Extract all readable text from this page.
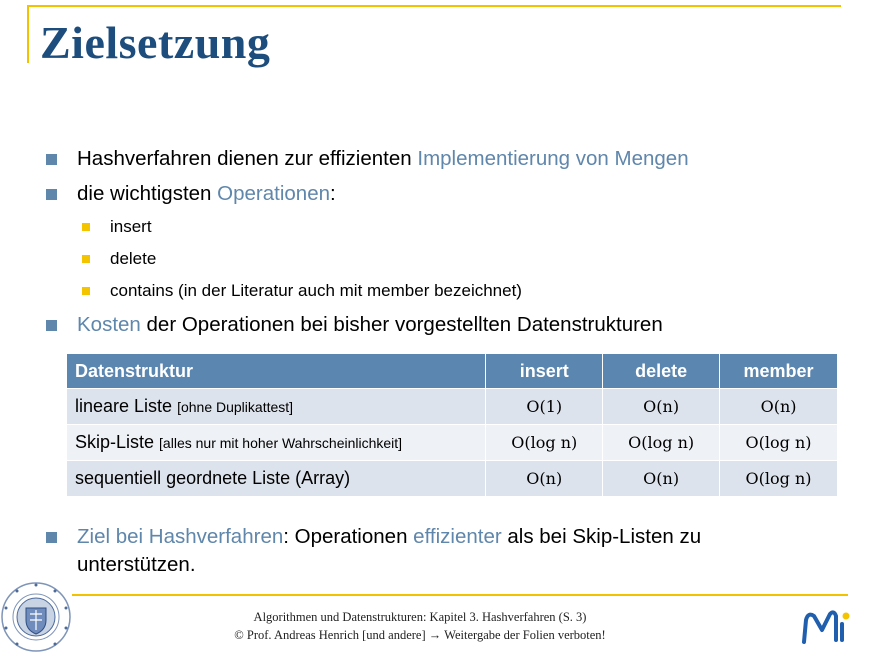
Zielsetzung
Hashverfahren dienen zur effizienten Implementierung von Mengen
die wichtigsten Operationen:
insert
delete
contains (in der Literatur auch mit member bezeichnet)
Kosten der Operationen bei bisher vorgestellten Datenstrukturen
Datenstruktur	insert	delete	member
lineare Liste [ohne Duplikattest]	O(1)	O(n)	O(n)
Skip-Liste [alles nur mit hoher Wahrscheinlichkeit]	O(log n)	O(log n)	O(log n)
sequentiell geordnete Liste (Array)	O(n)	O(n)	O(log n)
Ziel bei Hashverfahren: Operationen effizienter als bei Skip-Listen zu unterstützen.
Algorithmen und Datenstrukturen: Kapitel 3. Hashverfahren (S. 3)
© Prof. Andreas Henrich [und andere] → Weitergabe der Folien verboten!
